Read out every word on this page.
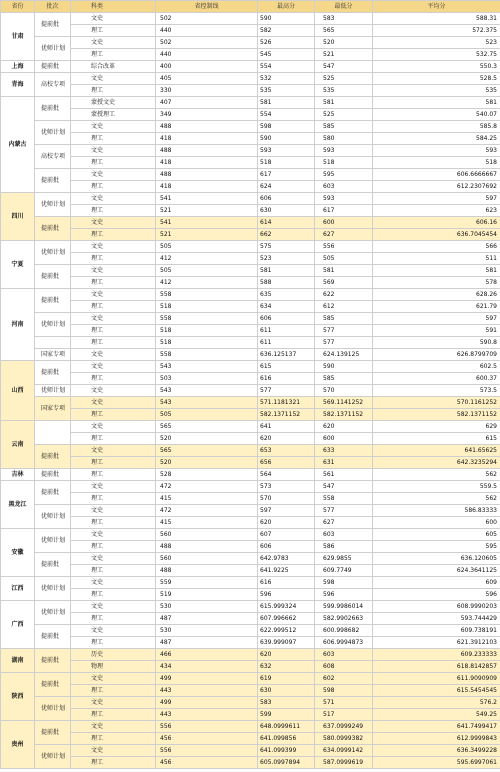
省份	批次	科类	省控制线	最高分	最低分	平均分
甘肃	提前批	文史	502	590	583	588.31
		理工	440	582	565	572.375
	优师计划	文史	502	526	520	523
		理工	440	545	521	532.75
上海	提前批	综合改革	400	554	547	550.3
青海	高校专项	文史	405	532	525	528.5
		理工	330	535	535	535
内蒙古	提前批	蒙授文史	407	581	581	581
		蒙授理工	349	554	525	540.07
	优师计划	文史	488	598	585	585.8
		理工	418	590	580	584.25
	高校专项	文史	488	593	593	593
		理工	418	518	518	518
	提前批	文史	488	617	595	606.6666667
		理工	418	624	603	612.2307692
四川	优师计划	文史	541	606	593	597
		理工	521	630	617	623
	提前批	文史	541	614	600	606.16
		理工	521	662	627	636.7045454
宁夏	优师计划	文史	505	575	556	566
		理工	412	523	505	511
	提前批	文史	505	581	581	581
		理工	412	588	569	578
河南	提前批	文史	558	635	622	628.26
		理工	518	634	612	621.79
	优师计划	文史	558	606	585	597
		理工	518	611	577	591
		理工	518	611	577	590.8
	国家专项	文史	558	636.125137	624.139125	626.8799709
山西	提前批	文史	543	615	590	602.5
		理工	503	616	585	600.37
	优师计划	文史	543	577	570	573.5
	国家专项	文史	543	571.1181321	569.1141252	570.1161252
		理工	505	582.1371152	582.1371152	582.1371152
云南		文史	565	641	620	629
		理工	520	620	600	615
	提前批	文史	565	653	633	641.65625
		理工	520	656	631	642.3235294
吉林	提前批	理工	528	564	561	562
黑龙江	提前批	文史	472	573	547	559.5
		理工	415	570	558	562
	优师计划	文史	472	597	577	586.83333
		理工	415	620	627	600
安徽	优师计划	文史	560	607	603	605
		理工	488	606	586	595
	提前批	文史	560	642.9783	629.9855	636.120605
		理工	488	641.9225	609.7749	624.3641125
江西	优师计划	文史	559	616	598	609
		理工	519	596	596	596
广西	优师计划	文史	530	615.999324	599.9986014	608.9990203
		理工	487	607.996662	582.9902663	593.744429
	提前批	文史	530	622.999512	600.998682	609.738191
		理工	487	639.999097	606.9994873	621.3912103
湖南	提前批	历史	466	620	603	609.233333
		物理	434	632	608	618.8142857
陕西	提前批	文史	499	619	602	611.9090909
		理工	443	630	598	615.5454545
	优师计划	文史	499	583	571	576.2
		理工	443	599	517	549.25
贵州	提前批	文史	556	648.0999611	637.0999249	641.7499417
		理工	456	641.099856	580.0999382	612.9999843
	优师计划	文史	556	641.099399	634.0999142	636.3499228
		理工	456	605.0997894	587.0999619	595.6997061
